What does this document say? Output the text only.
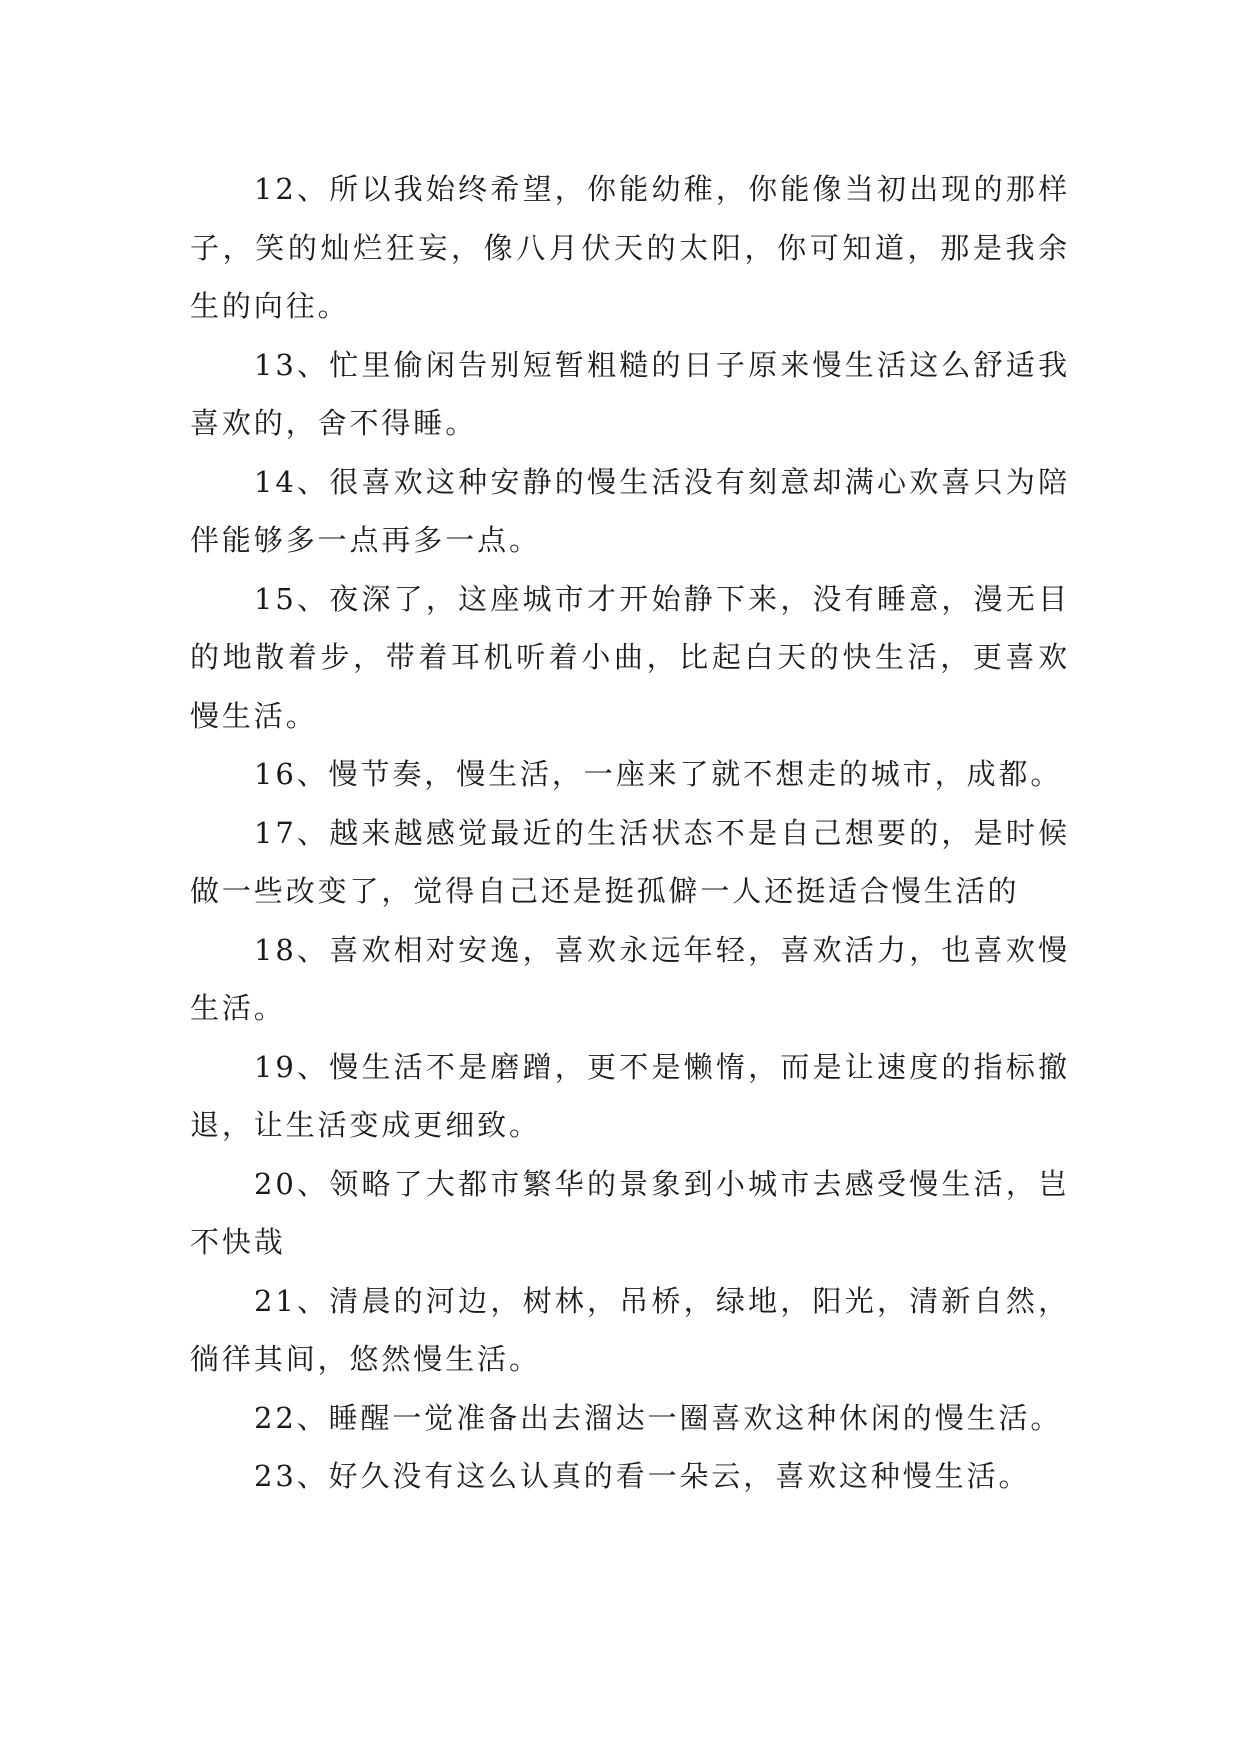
12、所以我始终希望，你能幼稚，你能像当初出现的那样子，笑的灿烂狂妄，像八月伏天的太阳，你可知道，那是我余生的向往。

13、忙里偷闲告别短暂粗糙的日子原来慢生活这么舒适我喜欢的，舍不得睡。

14、很喜欢这种安静的慢生活没有刻意却满心欢喜只为陪伴能够多一点再多一点。

15、夜深了，这座城市才开始静下来，没有睡意，漫无目的地散着步，带着耳机听着小曲，比起白天的快生活，更喜欢慢生活。

16、慢节奏，慢生活，一座来了就不想走的城市，成都。

17、越来越感觉最近的生活状态不是自己想要的，是时候做一些改变了，觉得自己还是挺孤僻一人还挺适合慢生活的

18、喜欢相对安逸，喜欢永远年轻，喜欢活力，也喜欢慢生活。

19、慢生活不是磨蹭，更不是懒惰，而是让速度的指标撤退，让生活变成更细致。

20、领略了大都市繁华的景象到小城市去感受慢生活，岂不快哉

21、清晨的河边，树林，吊桥，绿地，阳光，清新自然，徜徉其间，悠然慢生活。

22、睡醒一觉准备出去溜达一圈喜欢这种休闲的慢生活。

23、好久没有这么认真的看一朵云，喜欢这种慢生活。
